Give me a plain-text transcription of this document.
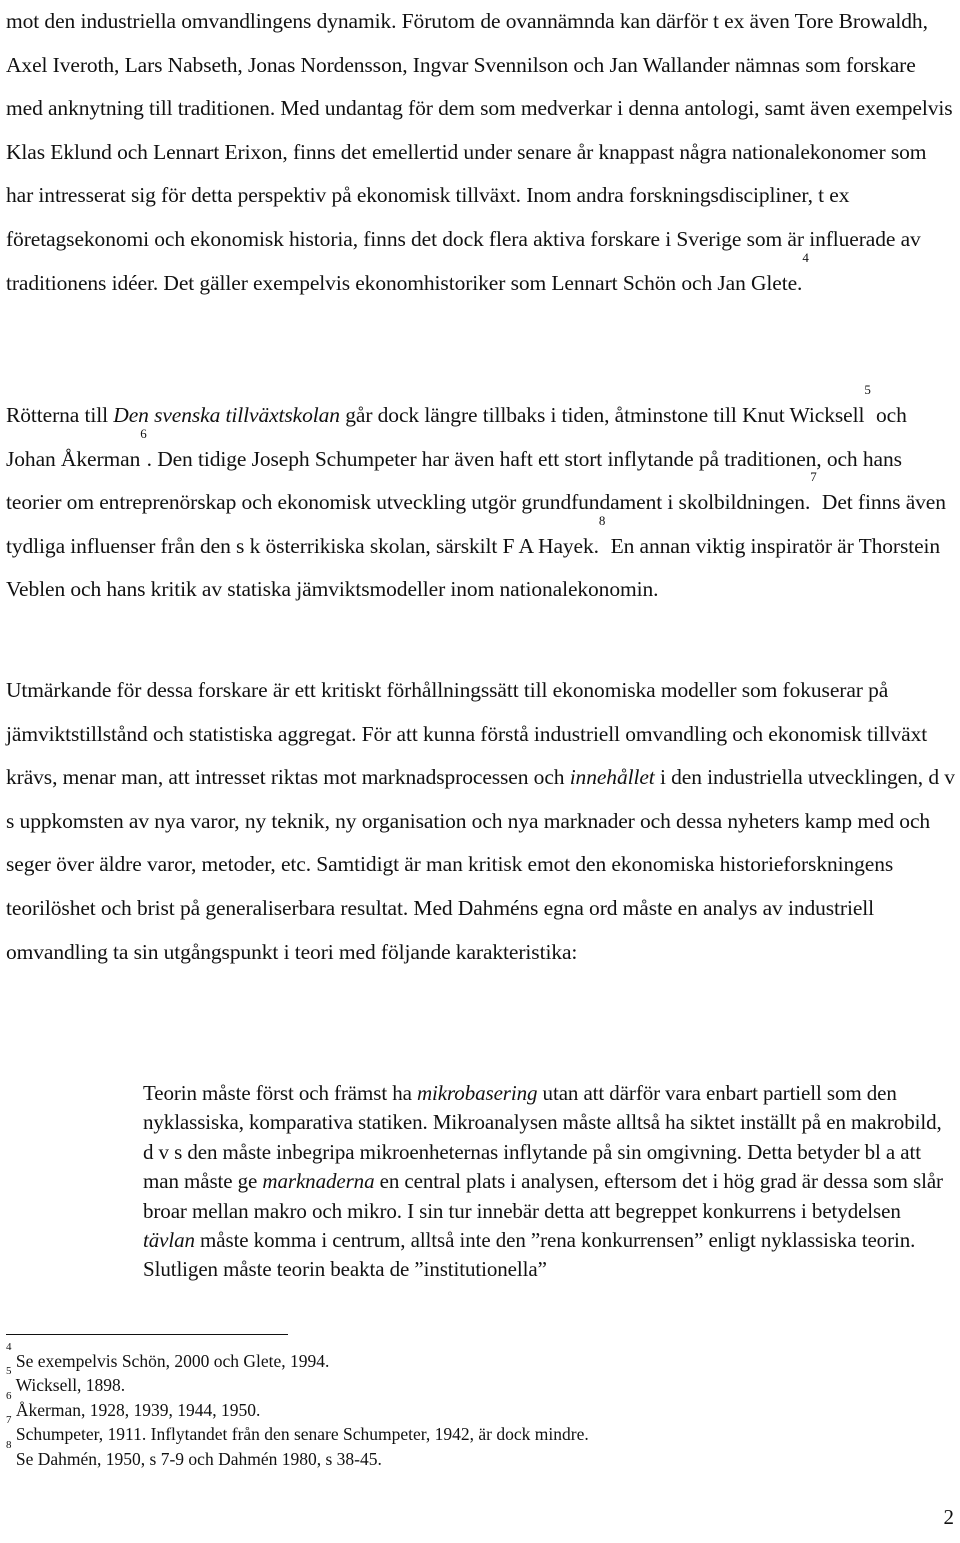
mot den industriella omvandlingens dynamik. Förutom de ovannämnda kan därför t ex även Tore Browaldh, Axel Iveroth, Lars Nabseth, Jonas Nordensson, Ingvar Svennilson och Jan Wallander nämnas som forskare med anknytning till traditionen. Med undantag för dem som medverkar i denna antologi, samt även exempelvis Klas Eklund och Lennart Erixon, finns det emellertid under senare år knappast några nationalekonomer som har intresserat sig för detta perspektiv på ekonomisk tillväxt. Inom andra forskningsdiscipliner, t ex företagsekonomi och ekonomisk historia, finns det dock flera aktiva forskare i Sverige som är influerade av traditionens idéer. Det gäller exempelvis ekonomhistoriker som Lennart Schön och Jan Glete.$^4$

Rötterna till Den svenska tillväxtskolan går dock längre tillbaks i tiden, åtminstone till Knut Wicksell$^5$ och Johan Åkerman$^6$. Den tidige Joseph Schumpeter har även haft ett stort inflytande på traditionen, och hans teorier om entreprenörskap och ekonomisk utveckling utgör grundfundament i skolbildningen.$^7$ Det finns även tydliga influenser från den s k österrikiska skolan, särskilt F A Hayek.$^8$ En annan viktig inspiratör är Thorstein Veblen och hans kritik av statiska jämviktsmodeller inom nationalekonomin.

Utmärkande för dessa forskare är ett kritiskt förhållningssätt till ekonomiska modeller som fokuserar på jämviktstillstånd och statistiska aggregat. För att kunna förstå industriell omvandling och ekonomisk tillväxt krävs, menar man, att intresset riktas mot marknadsprocessen och innehållet i den industriella utvecklingen, d v s uppkomsten av nya varor, ny teknik, ny organisation och nya marknader och dessa nyheters kamp med och seger över äldre varor, metoder, etc. Samtidigt är man kritisk emot den ekonomiska historieforskningens teorilöshet och brist på generaliserbara resultat. Med Dahméns egna ord måste en analys av industriell omvandling ta sin utgångspunkt i teori med följande karakteristika:

Teorin måste först och främst ha mikrobasering utan att därför vara enbart partiell som den nyklassiska, komparativa statiken. Mikroanalysen måste alltså ha siktet inställt på en makrobild, d v s den måste inbegripa mikroenheternas inflytande på sin omgivning. Detta betyder bl a att man måste ge marknaderna en central plats i analysen, eftersom det i hög grad är dessa som slår broar mellan makro och mikro. I sin tur innebär detta att begreppet konkurrens i betydelsen tävlan måste komma i centrum, alltså inte den ”rena konkurrensen” enligt nyklassiska teorin. Slutligen måste teorin beakta de ”institutionella”

$^4$ Se exempelvis Schön, 2000 och Glete, 1994.

$^5$ Wicksell, 1898.

$^6$ Åkerman, 1928, 1939, 1944, 1950.

$^7$ Schumpeter, 1911. Inflytandet från den senare Schumpeter, 1942, är dock mindre.

$^8$ Se Dahmén, 1950, s 7-9 och Dahmén 1980, s 38-45.

2
